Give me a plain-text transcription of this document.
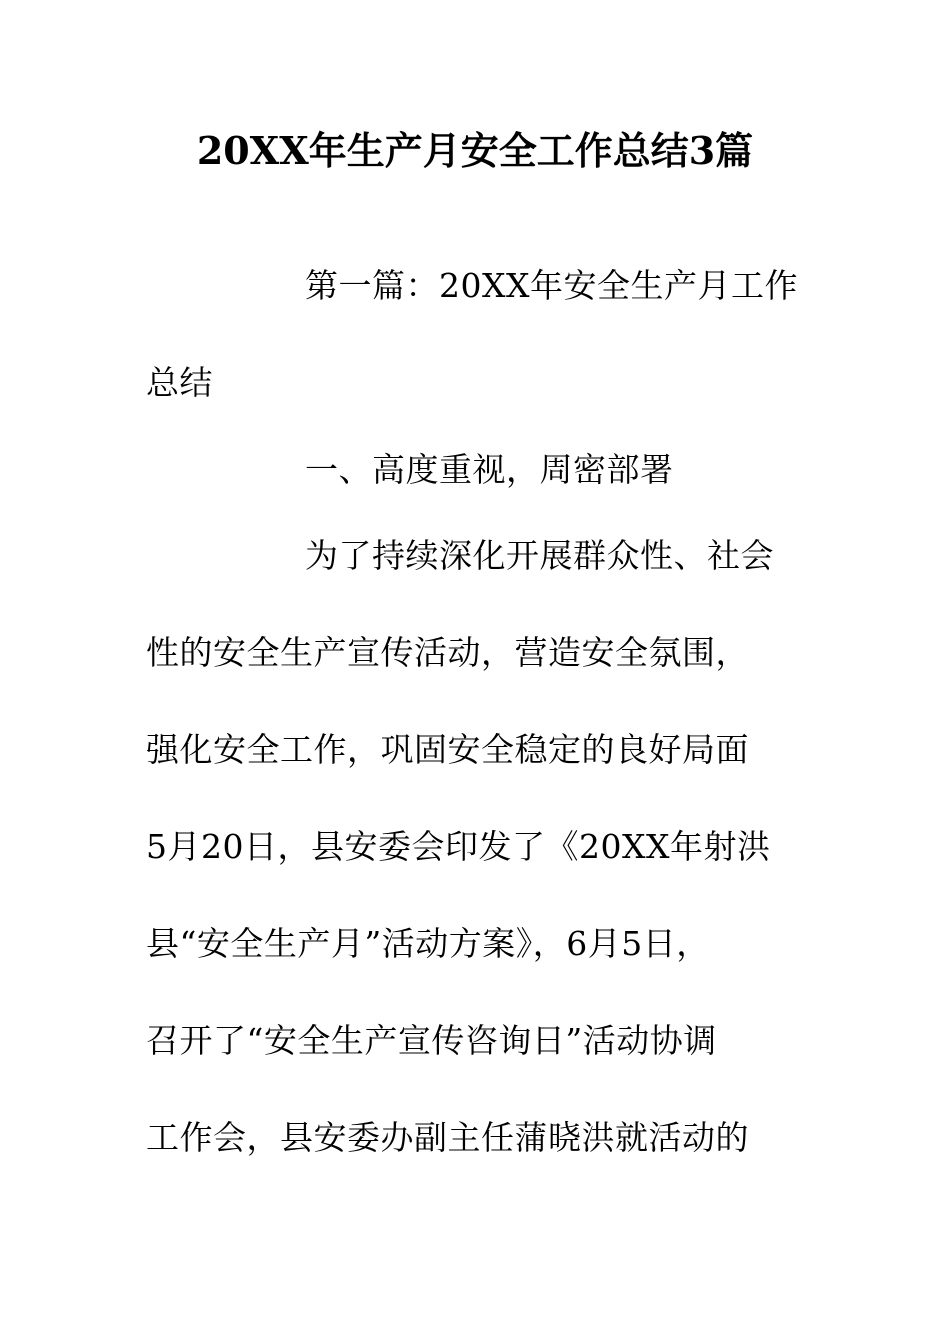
20XX年生产月安全工作总结3篇
第一篇：20XX年安全生产月工作
总结
一、高度重视，周密部署
为了持续深化开展群众性、社会
性的安全生产宣传活动，营造安全氛围，
强化安全工作，巩固安全稳定的良好局面
5月20日，县安委会印发了《20XX年射洪
县“安全生产月”活动方案》，6月5日，
召开了“安全生产宣传咨询日”活动协调
工作会，县安委办副主任蒲晓洪就活动的
